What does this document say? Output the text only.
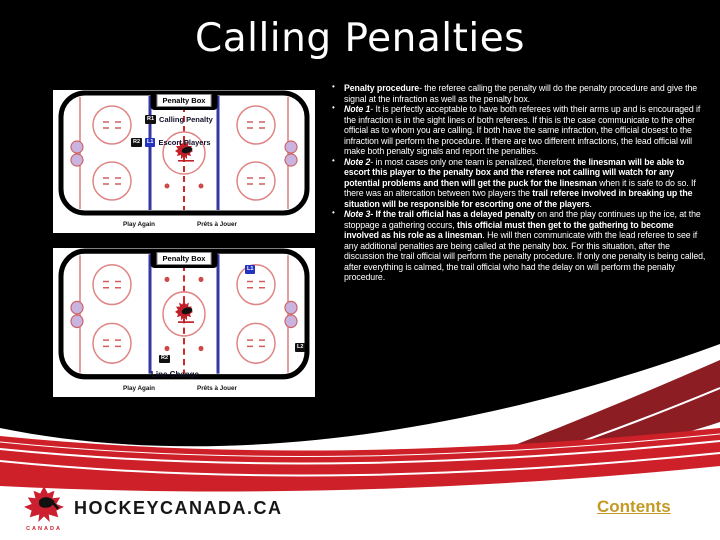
Calling Penalties
Penalty Box
R1 Calling Penalty
R2	L1 Escort Players
Play Again	Prêts à Jouer
Penalty Box
L1
L2
R2
Line Change
Play Again	Prêts à Jouer
• Penalty procedure- the referee calling the penalty will do the penalty procedure and give the signal at the infraction as well as the penalty box.
• Note 1- It is perfectly acceptable to have both referees with their arms up and is encouraged if the infraction is in the sight lines of both referees. If this is the case communicate to the other official as to whom you are calling. If both have the same infraction, the official closest to the infraction will perform the procedure. If there are two different infractions, the lead official will make both penalty signals and report the penalties.
• Note 2- in most cases only one team is penalized, therefore the linesman will be able to escort this player to the penalty box and the referee not calling will watch for any potential problems and then will get the puck for the linesman when it is safe to do so. If there was an altercation between two players the trail referee involved in breaking up the situation will be responsible for escorting one of the players.
• Note 3- If the trail official has a delayed penalty on and the play continues up the ice, at the stoppage a gathering occurs, this official must then get to the gathering to become involved as his role as a linesman. He will then communicate with the lead referee to see if any additional penalties are being called at the penalty box. For this situation, after the discussion the trail official will perform the penalty procedure. If only one penalty is being called, after everything is calmed, the trail official who had the delay on will perform the penalty procedure.
CANADA
HOCKEYCANADA.CA	Contents
